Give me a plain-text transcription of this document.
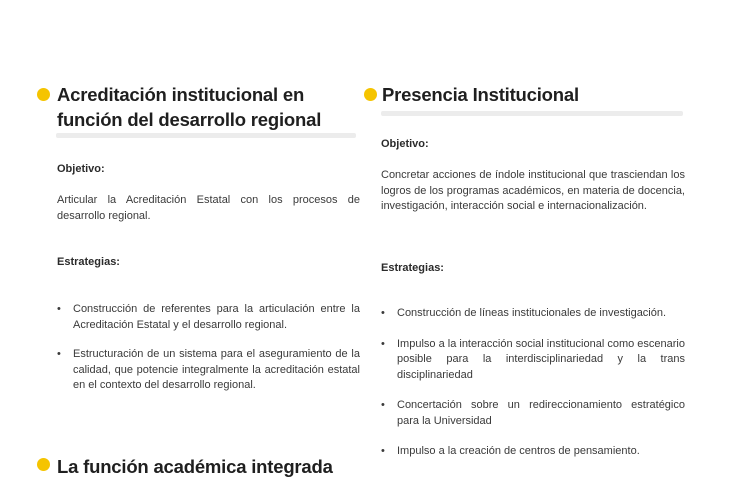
Acreditación institucional en función del desarrollo regional

Objetivo:

Articular la Acreditación Estatal con los procesos de desarrollo regional.

Estrategias:

• Construcción de referentes para la articulación entre la Acreditación Estatal y el desarrollo regional.
• Estructuración de un sistema para el aseguramiento de la calidad, que potencie integralmente la acreditación estatal en el contexto del desarrollo regional.
La función académica integrada
Presencia Institucional

Objetivo:

Concretar acciones de índole institucional que trasciendan los logros de los programas académicos, en materia de docencia, investigación, interacción social e internacionalización.

Estrategias:

• Construcción de líneas institucionales de investigación.
• Impulso a la interacción social institucional como escenario posible para la interdisciplinariedad y la trans disciplinariedad
• Concertación sobre un redireccionamiento estratégico para la Universidad
• Impulso a la creación de centros de pensamiento.
